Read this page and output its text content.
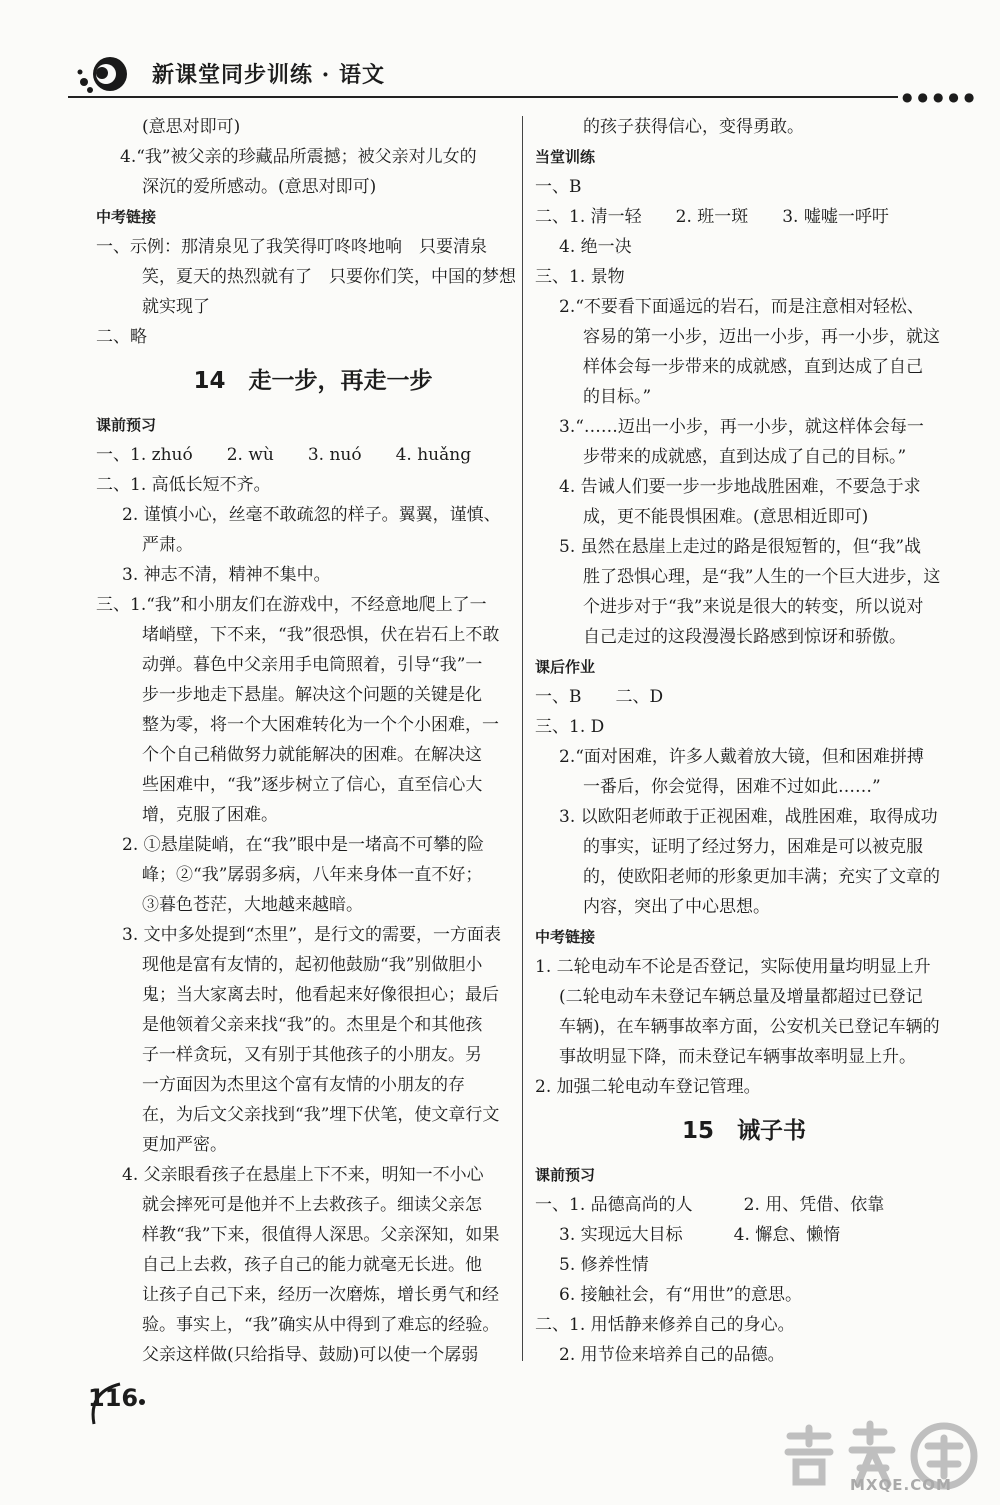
新课堂同步训练 · 语文
●●●●●
(意思对即可)
4.“我”被父亲的珍藏品所震撼；被父亲对儿女的
深沉的爱所感动。(意思对即可)
中考链接
一、示例：那清泉见了我笑得叮咚咚地响　只要清泉
笑，夏天的热烈就有了　只要你们笑，中国的梦想
就实现了
二、略
14　走一步，再走一步
课前预习
一、1. zhuó　　2. wù　　3. nuó　　4. huǎng
二、1. 高低长短不齐。
2. 谨慎小心，丝毫不敢疏忽的样子。翼翼，谨慎、
严肃。
3. 神志不清，精神不集中。
三、1.“我”和小朋友们在游戏中，不经意地爬上了一
堵峭壁，下不来，“我”很恐惧，伏在岩石上不敢
动弹。暮色中父亲用手电筒照着，引导“我”一
步一步地走下悬崖。解决这个问题的关键是化
整为零，将一个大困难转化为一个个小困难，一
个个自己稍做努力就能解决的困难。在解决这
些困难中，“我”逐步树立了信心，直至信心大
增，克服了困难。
2. ①悬崖陡峭，在“我”眼中是一堵高不可攀的险
峰；②“我”孱弱多病，八年来身体一直不好；
③暮色苍茫，大地越来越暗。
3. 文中多处提到“杰里”，是行文的需要，一方面表
现他是富有友情的，起初他鼓励“我”别做胆小
鬼；当大家离去时，他看起来好像很担心；最后
是他领着父亲来找“我”的。杰里是个和其他孩
子一样贪玩，又有别于其他孩子的小朋友。另
一方面因为杰里这个富有友情的小朋友的存
在，为后文父亲找到“我”埋下伏笔，使文章行文
更加严密。
4. 父亲眼看孩子在悬崖上下不来，明知一不小心
就会摔死可是他并不上去救孩子。细读父亲怎
样教“我”下来，很值得人深思。父亲深知，如果
自己上去救，孩子自己的能力就毫无长进。他
让孩子自己下来，经历一次磨炼，增长勇气和经
验。事实上，“我”确实从中得到了难忘的经验。
父亲这样做(只给指导、鼓励)可以使一个孱弱
的孩子获得信心，变得勇敢。
当堂训练
一、B
二、1. 清一轻　　2. 班一斑　　3. 嘘嘘一呼吁
4. 绝一决
三、1. 景物
2.“不要看下面遥远的岩石，而是注意相对轻松、
容易的第一小步，迈出一小步，再一小步，就这
样体会每一步带来的成就感，直到达成了自己
的目标。”
3.“……迈出一小步，再一小步，就这样体会每一
步带来的成就感，直到达成了自己的目标。”
4. 告诫人们要一步一步地战胜困难，不要急于求
成，更不能畏惧困难。(意思相近即可)
5. 虽然在悬崖上走过的路是很短暂的，但“我”战
胜了恐惧心理，是“我”人生的一个巨大进步，这
个进步对于“我”来说是很大的转变，所以说对
自己走过的这段漫漫长路感到惊讶和骄傲。
课后作业
一、B　　二、D
三、1. D
2.“面对困难，许多人戴着放大镜，但和困难拼搏
一番后，你会觉得，困难不过如此……”
3. 以欧阳老师敢于正视困难，战胜困难，取得成功
的事实，证明了经过努力，困难是可以被克服
的，使欧阳老师的形象更加丰满；充实了文章的
内容，突出了中心思想。
中考链接
1. 二轮电动车不论是否登记，实际使用量均明显上升
(二轮电动车未登记车辆总量及增量都超过已登记
车辆)，在车辆事故率方面，公安机关已登记车辆的
事故明显下降，而未登记车辆事故率明显上升。
2. 加强二轮电动车登记管理。
15　诫子书
课前预习
一、1. 品德高尚的人　　　2. 用、凭借、依靠
3. 实现远大目标　　　4. 懈怠、懒惰
5. 修养性情
6. 接触社会，有“用世”的意思。
二、1. 用恬静来修养自己的身心。
2. 用节俭来培养自己的品德。
116
MXQE.COM
